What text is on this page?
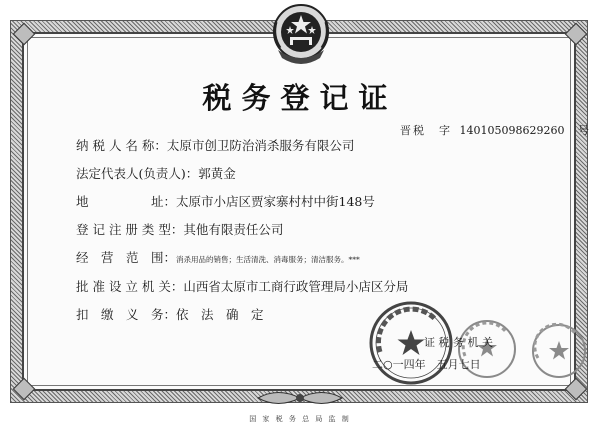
税务登记证
晋税　字 140105098629260 号
纳 税 人 名 称：太原市创卫防治消杀服务有限公司
法定代表人(负责人)：郭黄金
地　　　　　址：太原市小店区贾家寨村村中街148号
登 记 注 册 类 型：其他有限责任公司
经　营　范　围：消杀用品的销售；生活清洗、消毒服务；清洁服务。***
批 准 设 立 机 关：山西省太原市工商行政管理局小店区分局
扣　缴　义　务：依　法　确　定
证 税 务 机 关
二○一四年　五月七日
国 家 税 务 总 局 监 制
